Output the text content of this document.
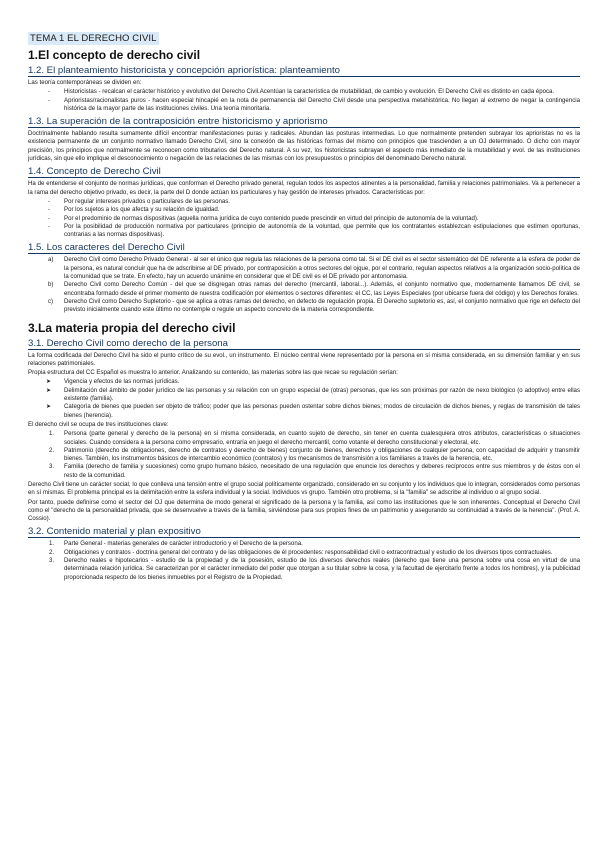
TEMA 1 EL DERECHO CIVIL
1.El concepto de derecho civil
1.2. El planteamiento historicista y concepción apriorística: planteamiento

Las teoría contemporáneas se dividen en:

-	Historicistas - recalcan el carácter histórico y evolutivo del Derecho Civil.Acentúan la característica de mutabilidad, de cambio y evolución. El Derecho Civil es distinto en cada época.
-	Aprioristas/racionalistas puros - hacen especial hincapié en la nota de permanencia del Derecho Civil desde una perspectiva metahistórica. No llegan al extremo de negar la contingencia histórica de la mayor parte de las instituciones civiles. Una teoría minoritaria.
1.3. La superación de la contraposición entre historicismo y apriorismo

Doctrinalmente hablando resulta sumamente difícil encontrar manifestaciones puras y radicales. Abundan las posturas intermedias. Lo que normalmente pretenden subrayar los aprioristas no es la existencia permanente de un conjunto normativo llamado Derecho Civil, sino la conexión de las históricas formas del mismo con principios que trascienden a un OJ determinado. O dicho con mayor precisión, los principios que normalmente se reconocen como tributarios del Derecho natural. A su vez, los historicistas subrayan el aspecto más inmediato de la mutabilidad y evol. de las instituciones jurídicas, sin que ello implique el desconocimiento o negación de las relaciones de las mismas con los presupuestos o principios del denominado Derecho natural.

1.4. Concepto de Derecho Civil

Ha de entenderse el conjunto de normas jurídicas, que conforman el Derecho privado general, regulan todos los aspectos atinentes a la personalidad, familia y relaciones patrimoniales. Va a pertenecer a la rama del derecho objetivo privado, es decir, la parte del D donde actúan los particulares y hay gestión de intereses privados. Características por:

-	Por regular intereses privados o particulares de las personas.
-	Por los sujetos a los que afecta y su relación de igualdad.
-	Por el predominio de normas dispositivas (aquella norma jurídica de cuyo contenido puede prescindir en virtud del principio de autonomía de la voluntad).
-	Por la posibilidad de producción normativa por particulares (principio de autonomía de la voluntad, que permite que los contratantes establezcan estipulaciones que estimen oportunas, contrarias a las normas dispositivas).
1.5. Los caracteres del Derecho Civil
a)	Derecho Civil como Derecho Privado General - al ser el único que regula las relaciones de la persona como tal. Si el DE civil es el sector sistemático del DE referente a la esfera de poder de la persona, es natural concluir que ha de adscribirse al DE privado, por contraposición a otros sectores del ojque, por el contrario, regulan aspectos relativos a la organización socio-política de la comunidad que se trate. En efecto, hay un acuerdo unánime en considerar que el DE civil es el DE privado por antonomasia.
b)	Derecho Civil como Derecho Común - del que se disgregan otras ramas del derecho (mercantil, laboral...). Además, el conjunto normativo que, modernamente llamamos DE civil, se encontraba formado desde el primer momento de nuestra codificación por elementos o sectores diferentes: el CC, las Leyes Especiales (por ubicarse fuera del código) y los Derechos forales.
c)	Derecho Civil como Derecho Supletorio - que se aplica a otras ramas del derecho, en defecto de regulación propia. El Derecho supletorio es, así, el conjunto normativo que rige en defecto del previsto inicialmente cuando este último no contemple o regule un aspecto concreto de la materia correspondiente.
3.La materia propia del derecho civil
3.1. Derecho Civil como derecho de la persona

La forma codificada del Derecho Civil ha sido el punto crítico de su evol., un instrumento. El núcleo central viene representado por la persona en sí misma considerada, en su dimensión familiar y en sus relaciones patrimoniales.

Propia estructura del CC Español es muestra lo anterior. Analizando su contenido, las materias sobre las que recae su regulación serían:

➤	Vigencia y efectos de las normas jurídicas.
➤	Delimitación del ámbito de poder jurídico de las personas y su relación con un grupo especial de (otras) personas, que les son próximas por razón de nexo biológico (o adoptivo) entre ellas existente (familia).
➤	Categoría de bienes que pueden ser objeto de tráfico; poder que las personas pueden ostentar sobre dichos bienes; modos de circulación de dichos bienes, y reglas de transmisión de tales bienes (herencia).

El derecho civil se ocupa de tres instituciones clave:

1.	Persona (parte general y derecho de la persona) en sí misma considerada, en cuanto sujeto de derecho, sin tener en cuenta cualesquiera otros atributos, características o situaciones sociales. Cuando considera a la persona como empresario, entraría en juego el derecho mercantil, como votante el derecho constitucional y electoral, etc.
2.	Patrimonio (derecho de obligaciones, derecho de contratos y derecho de bienes) conjunto de bienes, derechos y obligaciones de cualquier persona, con capacidad de adquirir y transmitir bienes. También, los instrumentos básicos de intercambio económico (contratos) y los mecanismos de transmisión a los familiares a través de la herencia, etc.
3.	Familia (derecho de familia y sucesiones) como grupo humano básico, necesitado de una regulación que enuncie los derechos y deberes recíprocos entre sus miembros y de éstos con el resto de la comunidad.

Derecho Civil tiene un carácter social, lo que conlleva una tensión entre el grupo social políticamente organizado, considerado en su conjunto y los individuos que lo integran, considerados como personas en sí mismas. El problema principal es la delimitación entre la esfera individual y la social. Individuos vs grupo. También otro problema, si la "familia" se adscribe al individuo o al grupo social.

Por tanto, puede definirse como el sector del OJ que determina de modo general el significado de la persona y la familia, así como las instituciones que le son inherentes. Conceptual el Derecho Civil como el "derecho de la personalidad privada, que se desenvuelve a través de la familia, sirviéndose para sus propios fines de un patrimonio y asegurando su continuidad a través de la herencia". (Prof. A. Cossio).

3.2. Contenido material y plan expositivo
1.	Parte General - materias generales de carácter introductorio y el Derecho de la persona.
2.	Obligaciones y contratos - doctrina general del contrato y de las obligaciones de él procedentes: responsabilidad civil o extracontractual y estudio de los diversos tipos contractuales.
3.	Derecho reales e hipotecarios - estudio de la propiedad y de la posesión, estudio de los diversos derechos reales (derecho que tiene una persona sobre una cosa en virtud de una determinada relación jurídica. Se caracterizan por el carácter inmediato del poder que otorgan a su titular sobre la cosa, y la facultad de ejercitarlo frente a todos los hombres), y la publicidad proporcionada respecto de los bienes inmuebles por el Registro de la Propiedad.
